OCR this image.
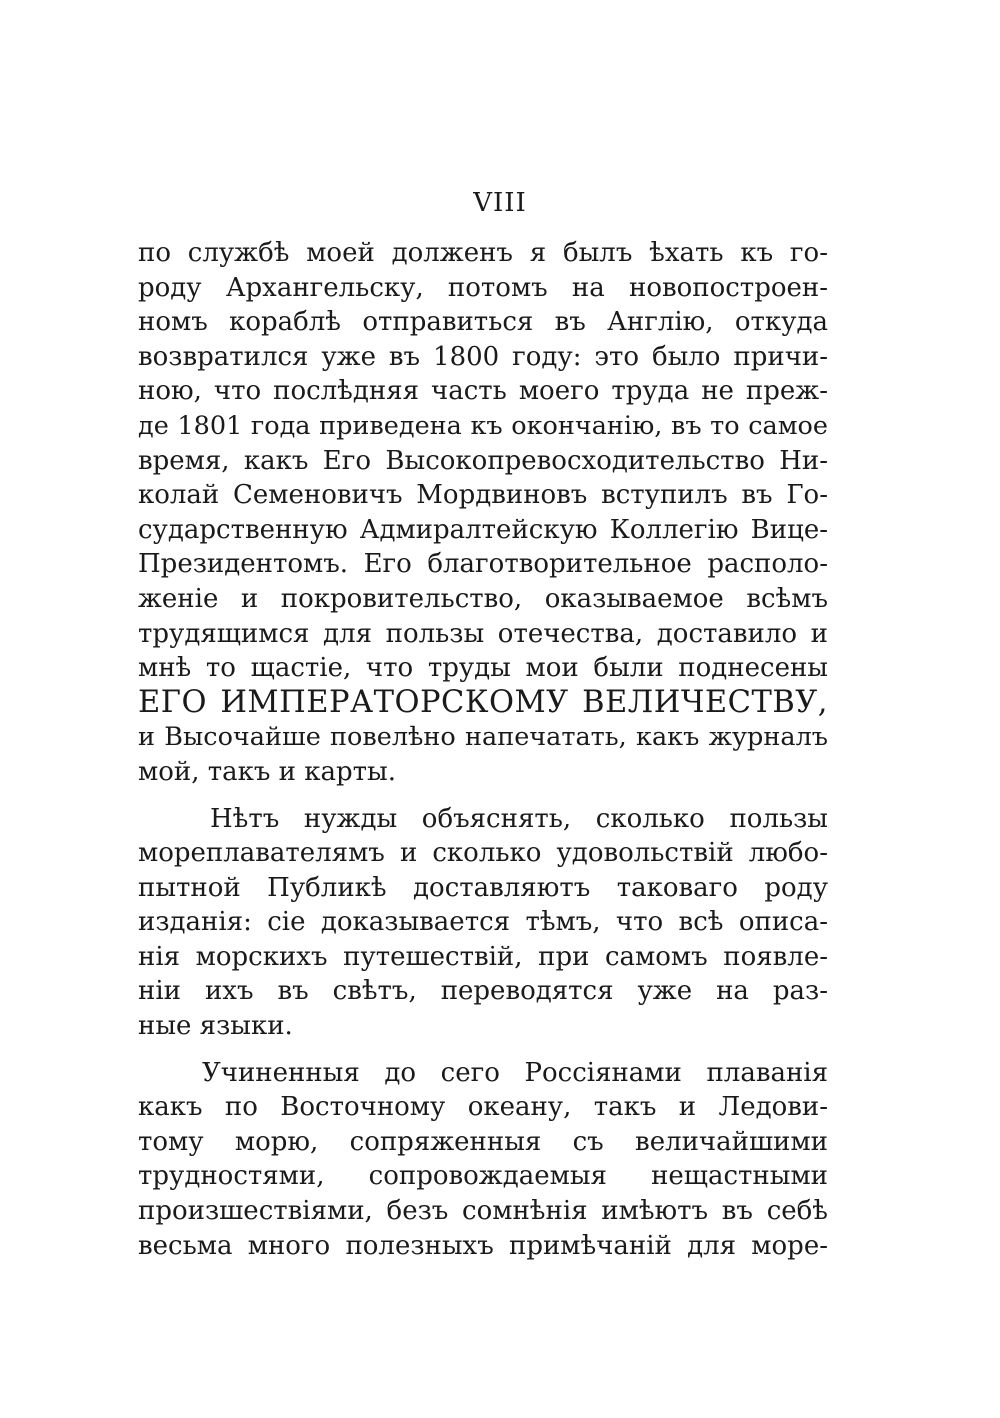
VIII
по службѣ моей долженъ я былъ ѣхать къ го-
роду Архангельску, потомъ на новопостроен-
номъ кораблѣ отправиться въ Англію, откуда
возвратился уже въ 1800 году: это было причи-
ною, что послѣдняя часть моего труда не преж-
де 1801 года приведена къ окончанію, въ то самое
время, какъ Его Высокопревосходительство Ни-
колай Семеновичъ Мордвиновъ вступилъ въ Го-
сударственную Адмиралтейскую Коллегію Вице-
Президентомъ. Его благотворительное располо-
женіе и покровительство, оказываемое всѣмъ
трудящимся для пользы отечества, доставило и
мнѣ то щастіе, что труды мои были поднесены
ЕГО ИМПЕРАТОРСКОМУ ВЕЛИЧЕСТВУ,
и Высочайше повелѣно напечатать, какъ журналъ
мой, такъ и карты.
Нѣтъ нужды объяснять, сколько пользы
мореплавателямъ и сколько удовольствій любо-
пытной Публикѣ доставляютъ таковаго роду
изданія: сіе доказывается тѣмъ, что всѣ описа-
нія морскихъ путешествій, при самомъ появле-
ніи ихъ въ свѣтъ, переводятся уже на раз-
ные языки.
Учиненныя до сего Россіянами плаванія
какъ по Восточному океану, такъ и Ледови-
тому морю, сопряженныя съ величайшими
трудностями, сопровождаемыя нещастными
произшествіями, безъ сомнѣнія имѣютъ въ себѣ
весьма много полезныхъ примѣчаній для море-
